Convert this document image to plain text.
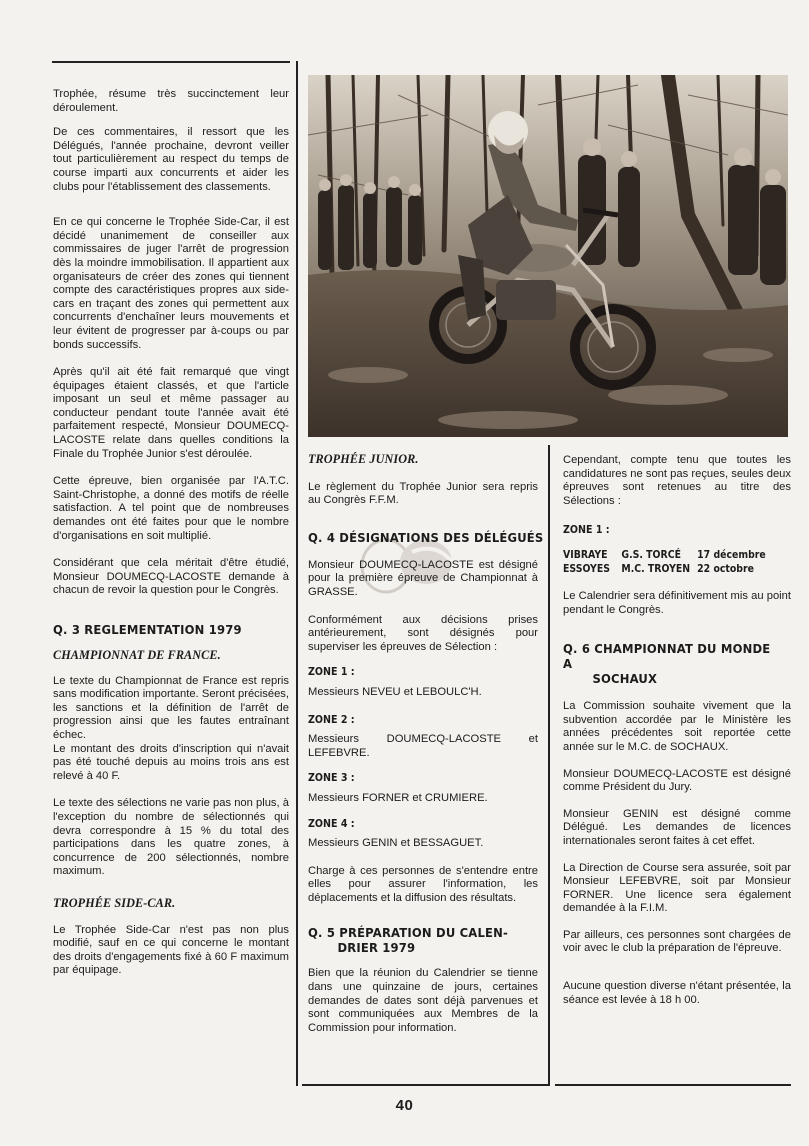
Trophée, résume très succinctement leur déroulement.

De ces commentaires, il ressort que les Délégués, l'année prochaine, devront veiller tout particulièrement au respect du temps de course imparti aux concurrents et aider les clubs pour l'établissement des classements.

En ce qui concerne le Trophée Side-Car, il est décidé unanimement de conseiller aux commissaires de juger l'arrêt de progression dès la moindre immobilisation. Il appartient aux organisateurs de créer des zones qui tiennent compte des caractéristiques propres aux side-cars en traçant des zones qui permettent aux concurrents d'enchaîner leurs mouvements et leur évitent de progresser par à-coups ou par bonds successifs.

Après qu'il ait été fait remarqué que vingt équipages étaient classés, et que l'article imposant un seul et même passager au conducteur pendant toute l'année avait été parfaitement respecté, Monsieur DOUMECQ-LACOSTE relate dans quelles conditions la Finale du Trophée Junior s'est déroulée.

Cette épreuve, bien organisée par l'A.T.C. Saint-Christophe, a donné des motifs de réelle satisfaction. A tel point que de nombreuses demandes ont été faites pour que le nombre d'organisations en soit multiplié.

Considérant que cela méritait d'être étudié, Monsieur DOUMECQ-LACOSTE demande à chacun de revoir la question pour le Congrès.

Q. 3 REGLEMENTATION 1979
CHAMPIONNAT DE FRANCE.

Le texte du Championnat de France est repris sans modification importante. Seront précisées, les sanctions et la définition de l'arrêt de progression ainsi que les fautes entraînant échec.

Le montant des droits d'inscription qui n'avait pas été touché depuis au moins trois ans est relevé à 40 F.

Le texte des sélections ne varie pas non plus, à l'exception du nombre de sélectionnés qui devra correspondre à 15 % du total des participations dans les quatre zones, à concurrence de 200 sélectionnés, nombre maximum.

TROPHÉE SIDE-CAR.

Le Trophée Side-Car n'est pas non plus modifié, sauf en ce qui concerne le montant des droits d'engagements fixé à 60 F maximum par équipage.

TROPHÉE JUNIOR.

Le règlement du Trophée Junior sera repris au Congrès F.F.M.

Q. 4 DÉSIGNATIONS DES DÉLÉGUÉS

Monsieur DOUMECQ-LACOSTE est désigné pour la première épreuve de Championnat à GRASSE.

Conformément aux décisions prises antérieurement, sont désignés pour superviser les épreuves de Sélection :

ZONE 1 :

Messieurs NEVEU et LEBOULC'H.

ZONE 2 :

Messieurs    DOUMECQ-LACOSTE    et LEFEBVRE.

ZONE 3 :

Messieurs FORNER et CRUMIERE.

ZONE 4 :

Messieurs GENIN et BESSAGUET.

Charge à ces personnes de s'entendre entre elles pour assurer l'information, les déplacements et la diffusion des résultats.

Q. 5 PRÉPARATION DU CALEN-
DRIER 1979

Bien que la réunion du Calendrier se tienne dans une quinzaine de jours, certaines demandes de dates sont déjà parvenues et sont communiquées aux Membres de la Commission pour information.

Cependant, compte tenu que toutes les candidatures ne sont pas reçues, seules deux épreuves sont retenues au titre des Sélections :

ZONE 1 :
VIBRAYE	G.S. TORCÉ	17 décembre
ESSOYES	M.C. TROYEN 22 octobre

Le Calendrier sera définitivement mis au point pendant le Congrès.

Q. 6 CHAMPIONNAT DU MONDE A
SOCHAUX

La Commission souhaite vivement que la subvention accordée par le Ministère les années précédentes soit reportée cette année sur le M.C. de SOCHAUX.

Monsieur DOUMECQ-LACOSTE est désigné comme Président du Jury.

Monsieur GENIN est désigné comme Délégué. Les demandes de licences internationales seront faites à cet effet.

La Direction de Course sera assurée, soit par Monsieur LEFEBVRE, soit par Monsieur FORNER. Une licence sera également demandée à la F.I.M.

Par ailleurs, ces personnes sont chargées de voir avec le club la préparation de l'épreuve.

Aucune question diverse n'étant présentée, la séance est levée à 18 h 00.

40
